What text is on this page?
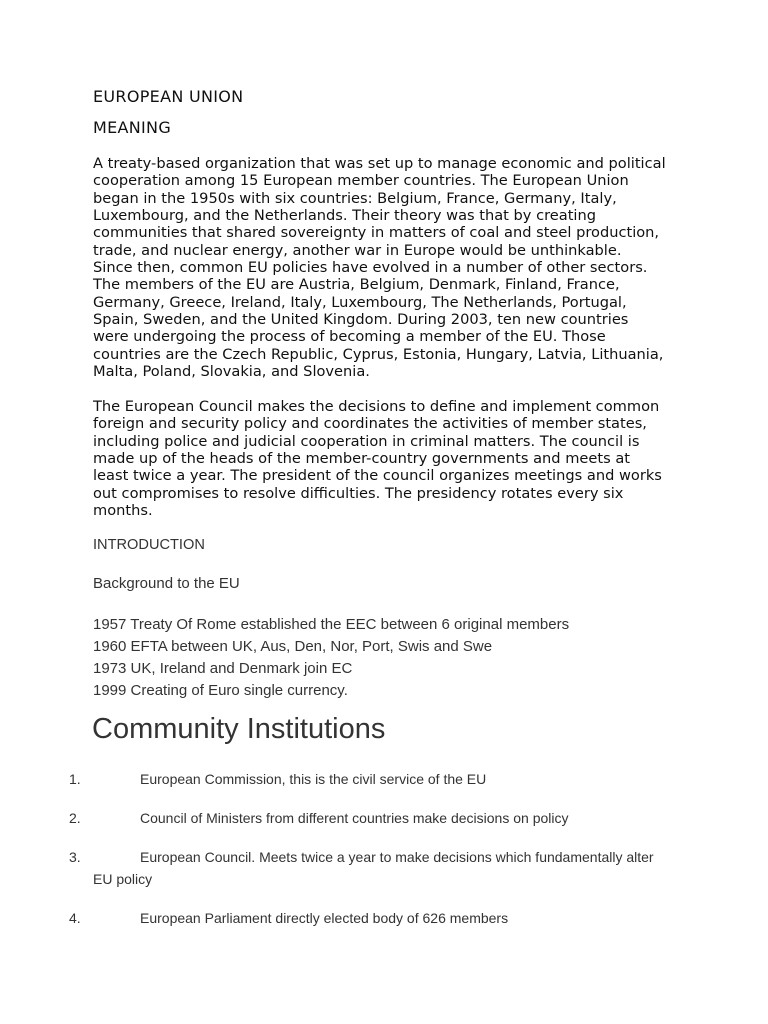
EUROPEAN UNION
MEANING
A treaty-based organization that was set up to manage economic and political
cooperation among 15 European member countries. The European Union
began in the 1950s with six countries: Belgium, France, Germany, Italy,
Luxembourg, and the Netherlands. Their theory was that by creating
communities that shared sovereignty in matters of coal and steel production,
trade, and nuclear energy, another war in Europe would be unthinkable.
Since then, common EU policies have evolved in a number of other sectors.
The members of the EU are Austria, Belgium, Denmark, Finland, France,
Germany, Greece, Ireland, Italy, Luxembourg, The Netherlands, Portugal,
Spain, Sweden, and the United Kingdom. During 2003, ten new countries
were undergoing the process of becoming a member of the EU. Those
countries are the Czech Republic, Cyprus, Estonia, Hungary, Latvia, Lithuania,
Malta, Poland, Slovakia, and Slovenia.
The European Council makes the decisions to define and implement common
foreign and security policy and coordinates the activities of member states,
including police and judicial cooperation in criminal matters. The council is
made up of the heads of the member-country governments and meets at
least twice a year. The president of the council organizes meetings and works
out compromises to resolve difficulties. The presidency rotates every six
months.
INTRODUCTION
Background to the EU
1957 Treaty Of Rome established the EEC between 6 original members
1960 EFTA between UK, Aus, Den, Nor, Port, Swis and Swe
1973 UK, Ireland and Denmark join EC
1999 Creating of Euro single currency.
Community Institutions
1.	European Commission, this is the civil service of the EU
2.	Council of Ministers from different countries make decisions on policy
3.	European Council. Meets twice a year to make decisions which fundamentally alter
EU policy
4.	European Parliament directly elected body of 626 members
